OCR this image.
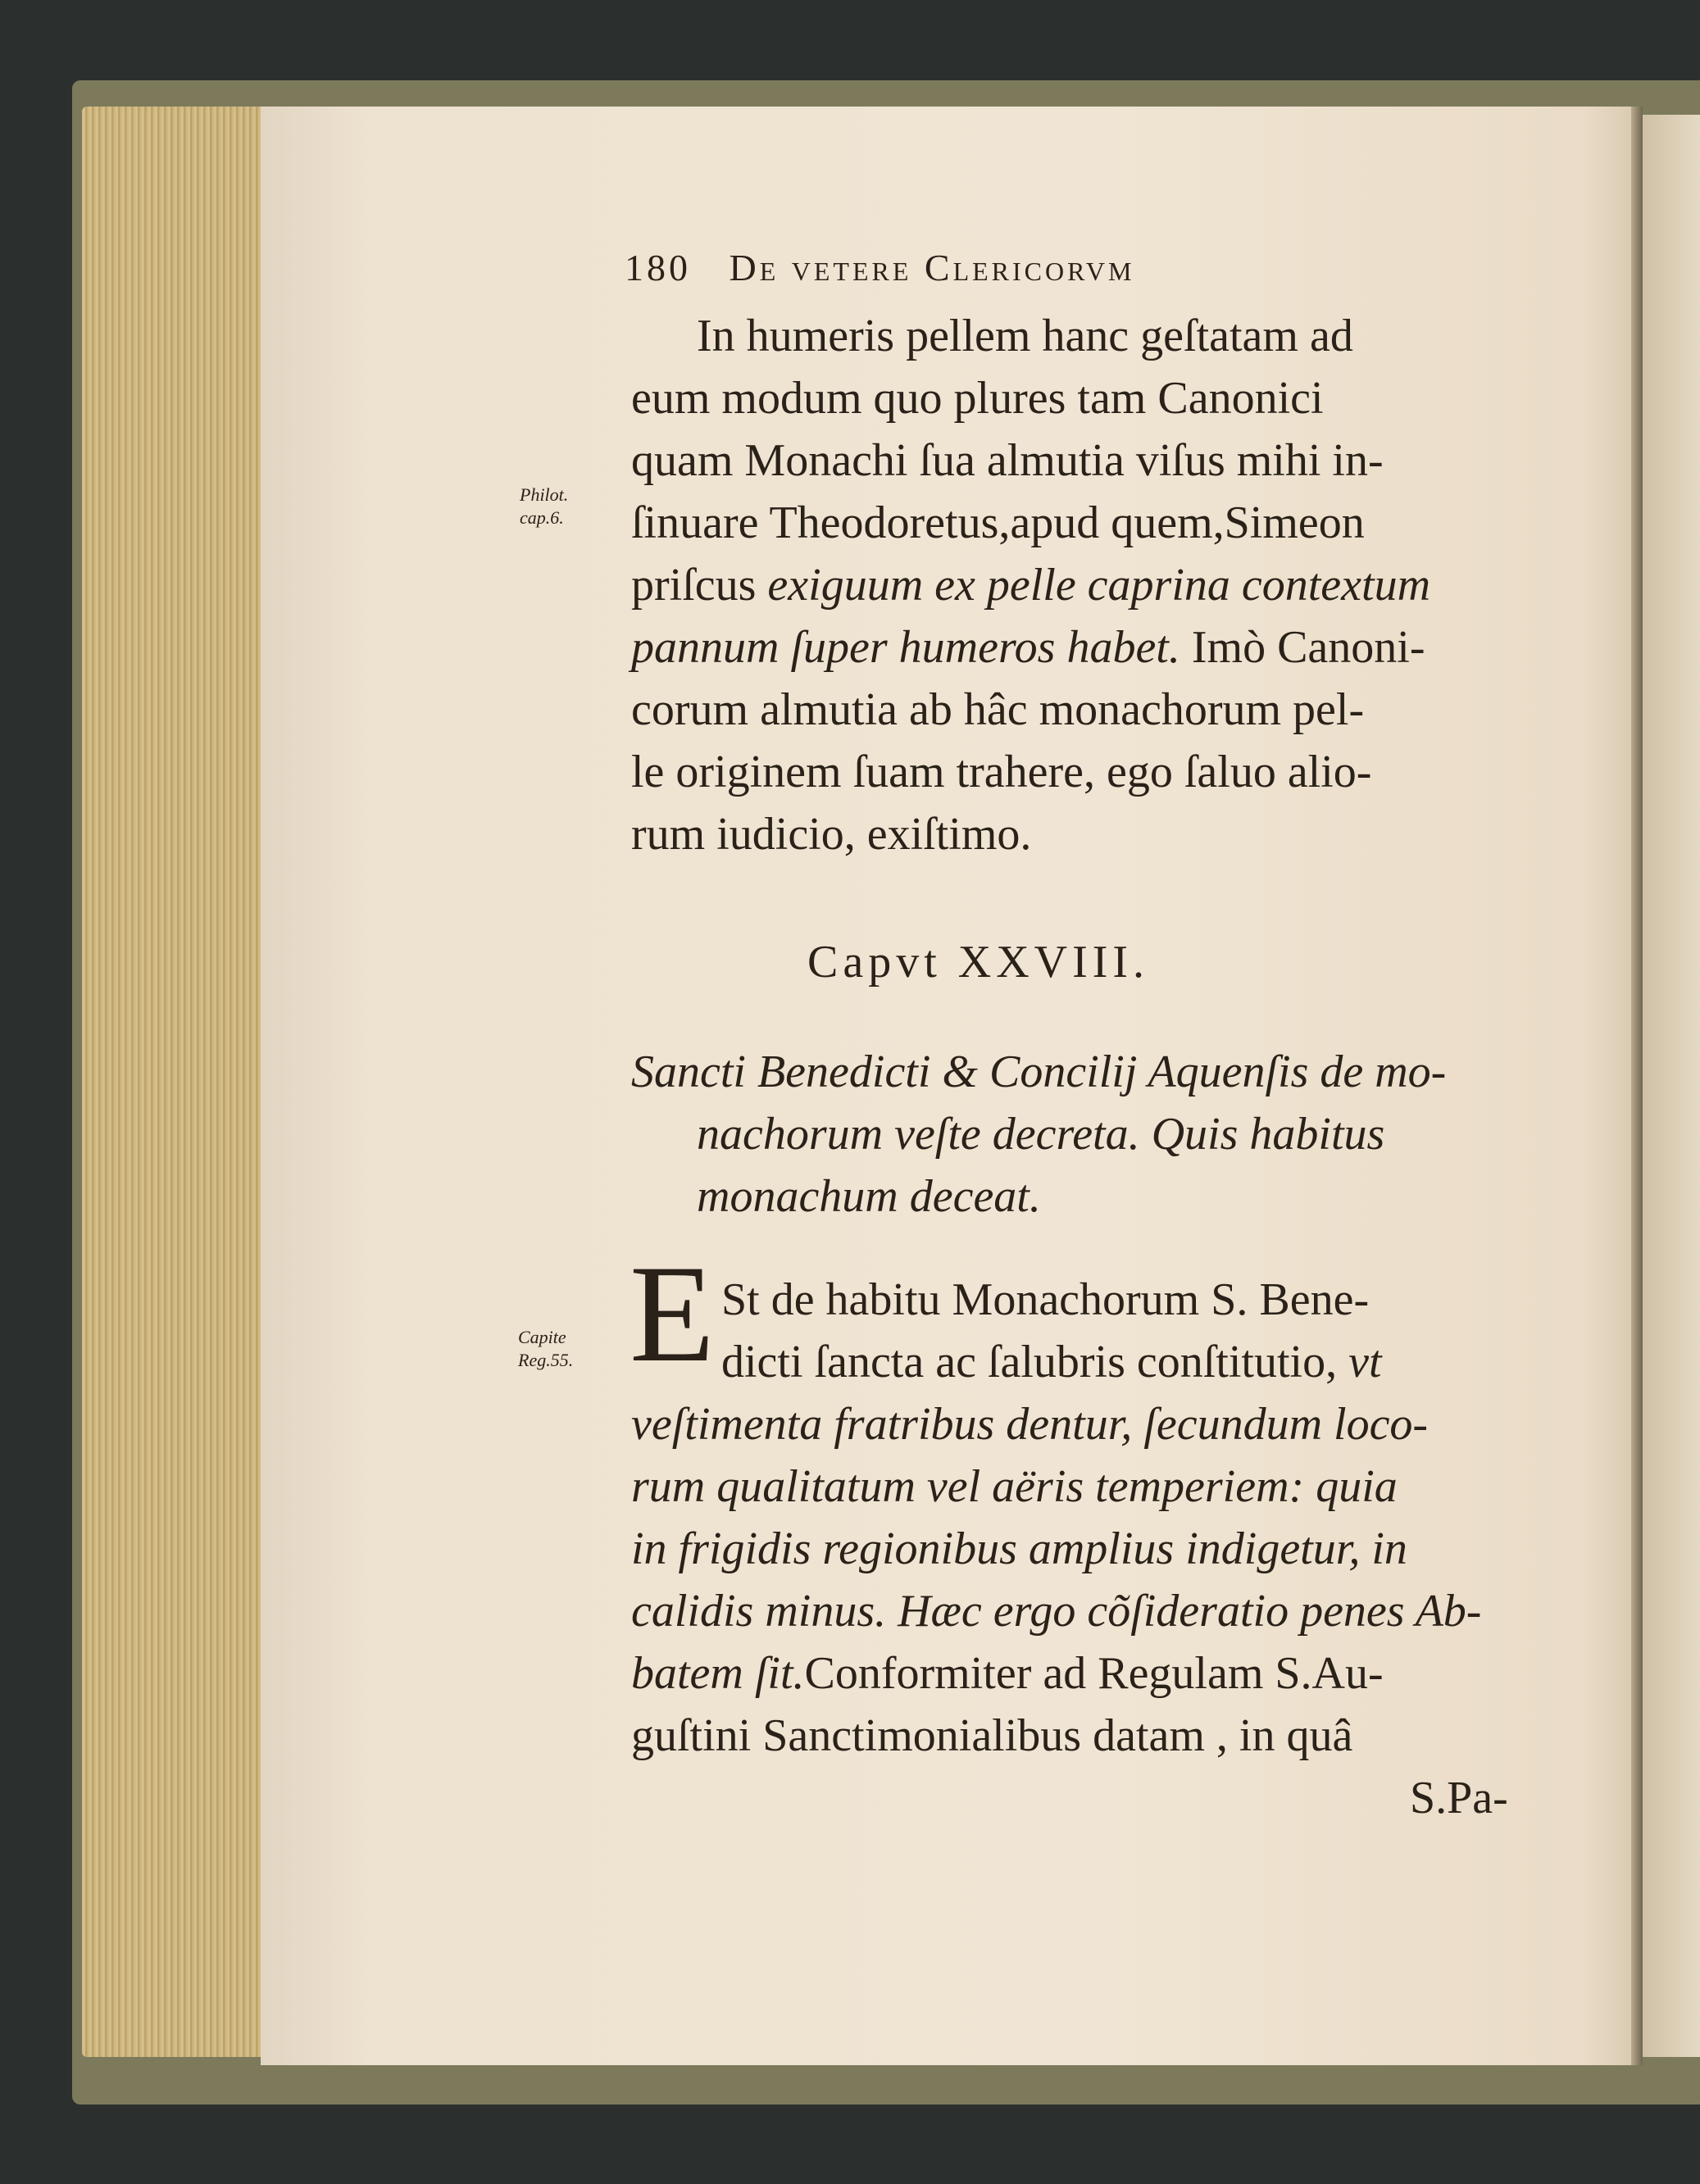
180 De vetere Clericorvm
In humeris pellem hanc geſtatam ad
eum modum quo plures tam Canonici
quam Monachi ſua almutia viſus mihi in-
ſinuare Theodoretus,apud quem,Simeon
priſcus exiguum ex pelle caprina contextum
pannum ſuper humeros habet. Imò Canoni-
corum almutia ab hâc monachorum pel-
le originem ſuam trahere, ego ſaluo alio-
rum iudicio, exiſtimo.
Philot.
cap.6.
Capite
Reg.55.
Capvt XXVIII.
Sancti Benedicti & Concilij Aquenſis de mo-
nachorum veſte decreta. Quis habitus
monachum deceat.
E St de habitu Monachorum S. Bene-
dicti ſancta ac ſalubris conſtitutio, vt
veſtimenta fratribus dentur, ſecundum loco-
rum qualitatum vel aëris temperiem: quia
in frigidis regionibus amplius indigetur, in
calidis minus. Hæc ergo cõſideratio penes Ab-
batem ſit.Conformiter ad Regulam S.Au-
guſtini Sanctimonialibus datam , in quâ
S.Pa-
